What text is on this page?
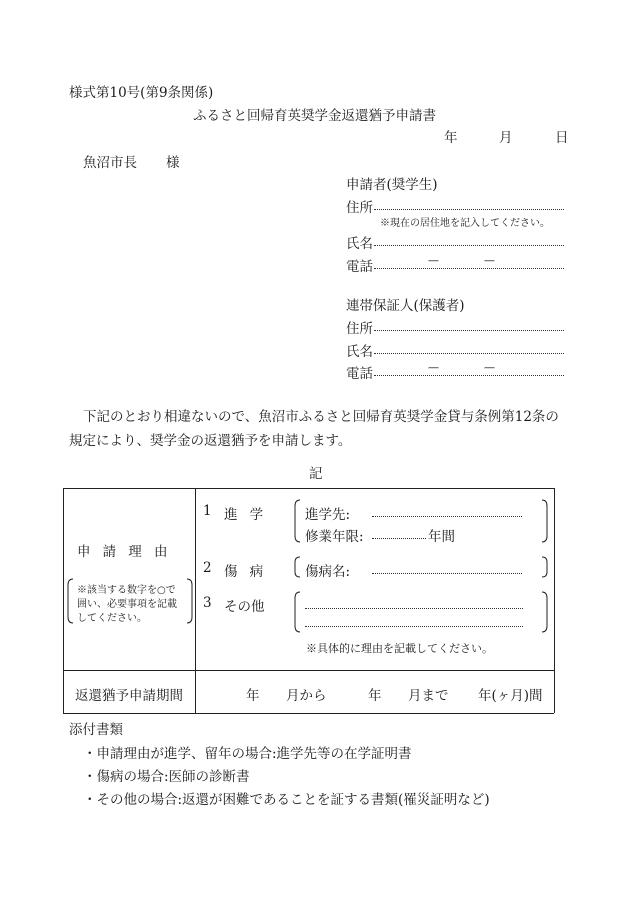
様式第10号(第9条関係)
ふるさと回帰育英奨学金返還猶予申請書
年	月	日
魚沼市長 様
申請者(奨学生)
住所
※現在の居住地を記入してください。
氏名
電話	—	—
連帯保証人(保護者)
住所
氏名
電話	—	—
下記のとおり相違ないので、魚沼市ふるさと回帰育英奨学金貸与条例第12条の
規定により、奨学金の返還猶予を申請します。
記
申請理由
※該当する数字を○で
囲い、必要事項を記載
してください。
1 進学 進学先:
修業年限:	年間
2 傷病 傷病名:
3 その他
※具体的に理由を記載してください。
返還猶予申請期間	年 月から	年 月まで 年(ヶ月)間
添付書類
・申請理由が進学、留年の場合:進学先等の在学証明書
・傷病の場合:医師の診断書
・その他の場合:返還が困難であることを証する書類(罹災証明など)
